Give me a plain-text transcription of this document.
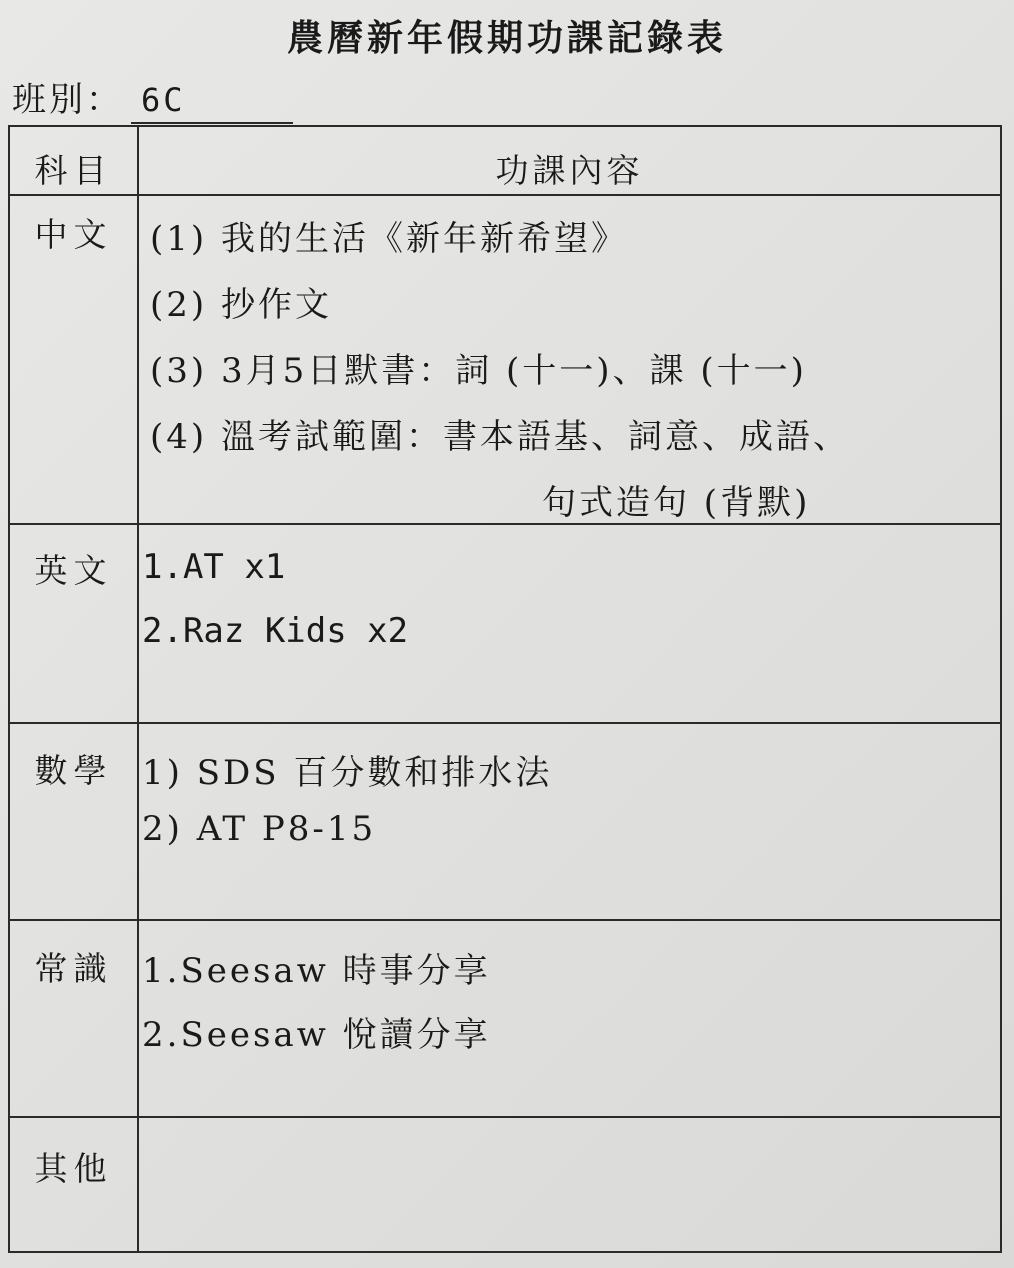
農曆新年假期功課記錄表
班別： 6C
科目	功課內容
中文	(1) 我的生活《新年新希望》
(2) 抄作文
(3) 3月5日默書：詞 (十一)、課 (十一)
(4) 溫考試範圍：書本語基、詞意、成語、
句式造句 (背默)
英文 1.AT x1
2.Raz Kids x2
數學 1) SDS 百分數和排水法
2) AT P8-15
常識 1.Seesaw 時事分享
2.Seesaw 悅讀分享
其他
